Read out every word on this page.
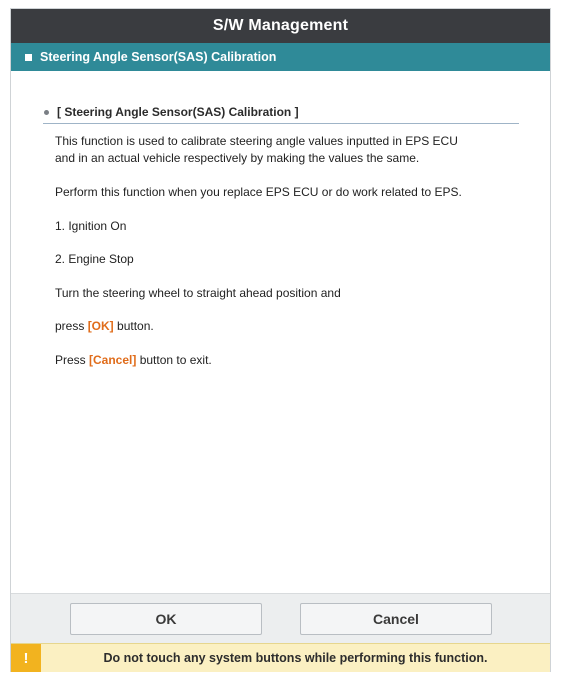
S/W Management
Steering Angle Sensor(SAS) Calibration
[ Steering Angle Sensor(SAS) Calibration ]
This function is used to calibrate steering angle values inputted in EPS ECU
and in an actual vehicle respectively by making the values the same.
Perform this function when you replace EPS ECU or do work related to EPS.
1. Ignition On
2. Engine Stop
Turn the steering wheel to straight ahead position and
press [OK] button.
Press [Cancel] button to exit.
OK	Cancel
!	Do not touch any system buttons while performing this function.
